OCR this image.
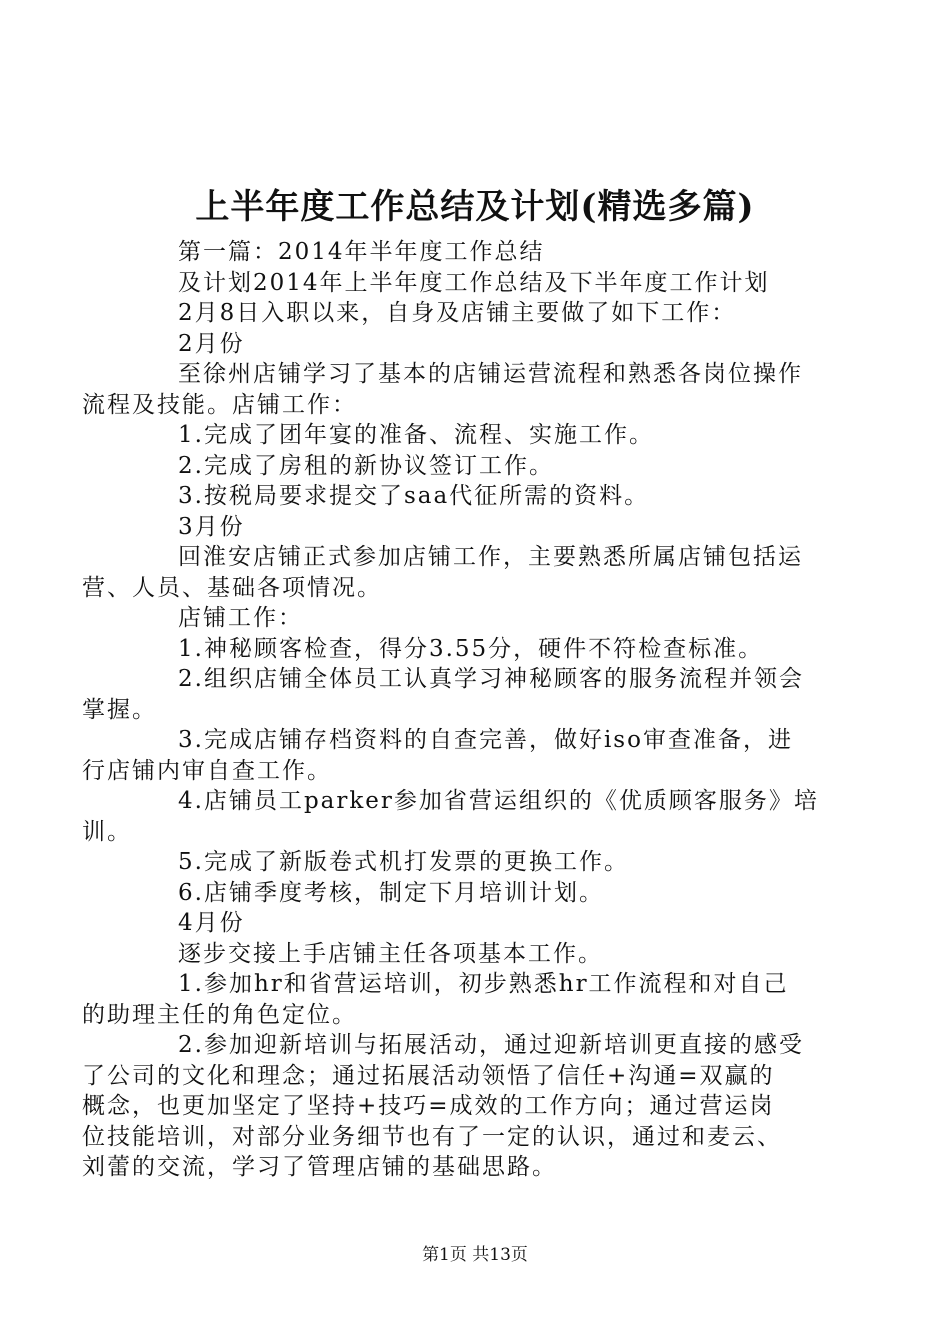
上半年度工作总结及计划(精选多篇)
第一篇：2014年半年度工作总结
及计划2014年上半年度工作总结及下半年度工作计划
2月8日入职以来，自身及店铺主要做了如下工作：
2月份
至徐州店铺学习了基本的店铺运营流程和熟悉各岗位操作
流程及技能。店铺工作：
1.完成了团年宴的准备、流程、实施工作。
2.完成了房租的新协议签订工作。
3.按税局要求提交了saa代征所需的资料。
3月份
回淮安店铺正式参加店铺工作，主要熟悉所属店铺包括运
营、人员、基础各项情况。
店铺工作：
1.神秘顾客检查，得分3.55分，硬件不符检查标准。
2.组织店铺全体员工认真学习神秘顾客的服务流程并领会
掌握。
3.完成店铺存档资料的自查完善，做好iso审查准备，进
行店铺内审自查工作。
4.店铺员工parker参加省营运组织的《优质顾客服务》培
训。
5.完成了新版卷式机打发票的更换工作。
6.店铺季度考核，制定下月培训计划。
4月份
逐步交接上手店铺主任各项基本工作。
1.参加hr和省营运培训，初步熟悉hr工作流程和对自己
的助理主任的角色定位。
2.参加迎新培训与拓展活动，通过迎新培训更直接的感受
了公司的文化和理念；通过拓展活动领悟了信任+沟通=双赢的
概念，也更加坚定了坚持+技巧=成效的工作方向；通过营运岗
位技能培训，对部分业务细节也有了一定的认识，通过和麦云、
刘蕾的交流，学习了管理店铺的基础思路。
第1页 共13页
